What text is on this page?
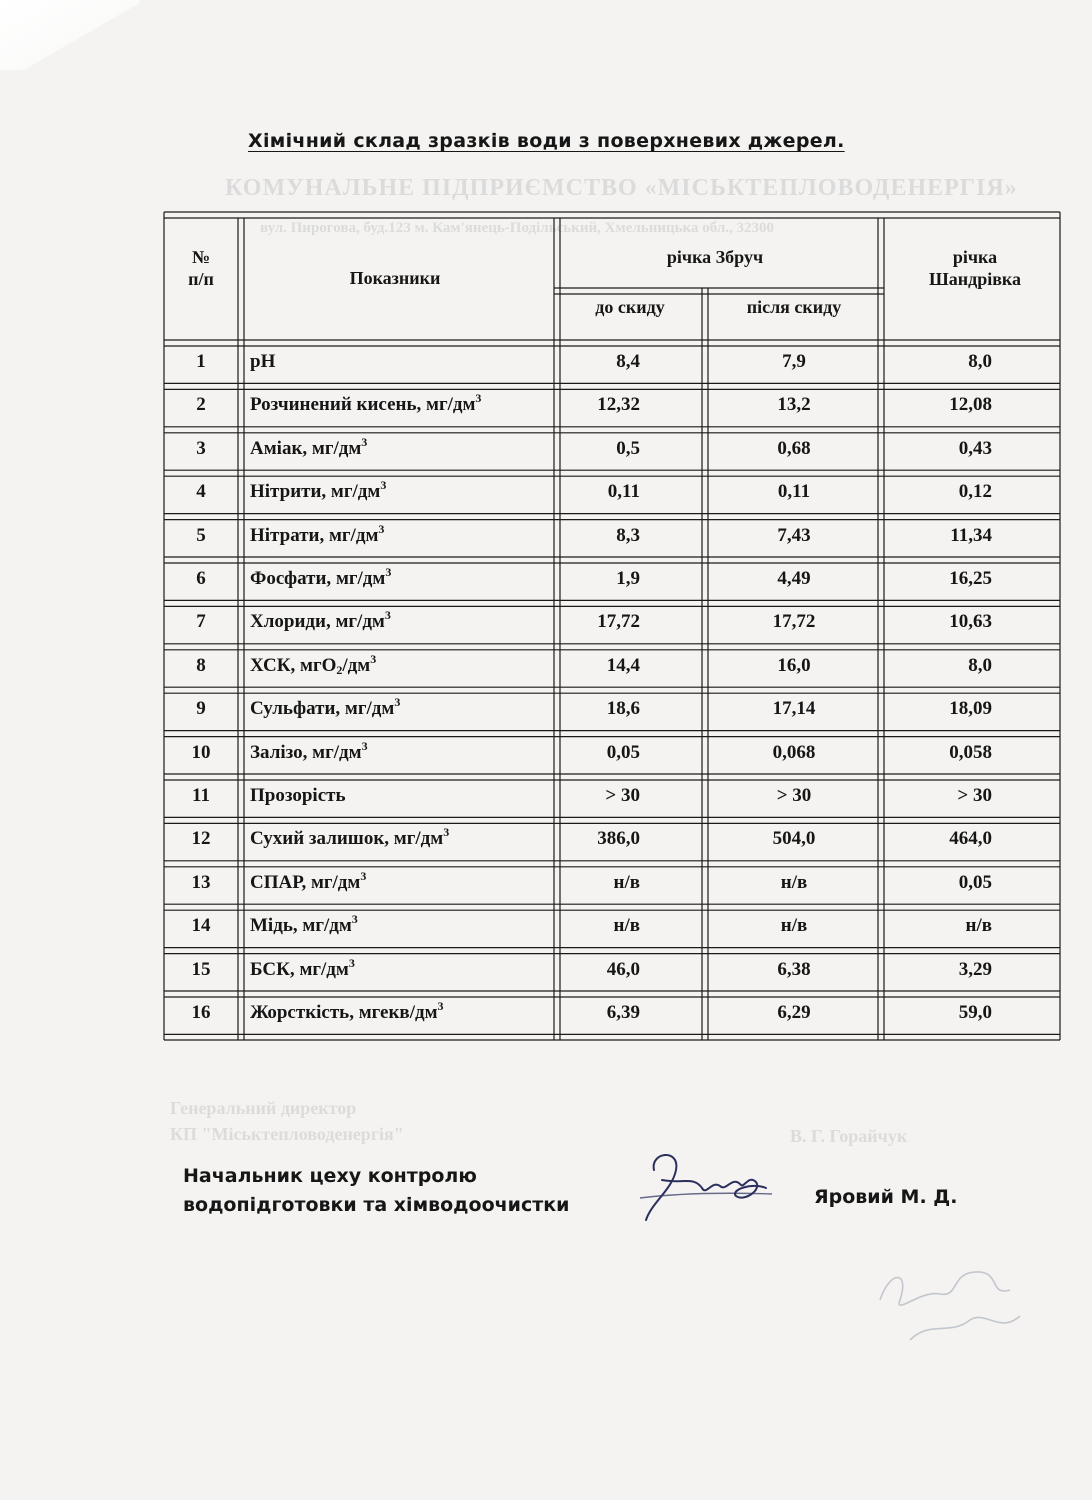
КОМУНАЛЬНЕ ПІДПРИЄМСТВО «МІСЬКТЕПЛОВОДЕНЕРГІЯ»
вул. Пирогова, буд.123 м. Кам'янець-Подільський, Хмельницька обл., 32300
Генеральний директор
КП "Міськтепловоденергія"	В. Г. Горайчук
Хімічний склад зразків води з поверхневих джерел.
№
п/п	Показники
річка Збруч
до скиду	після скиду
річка
Шандрівка
1	pH	8,4	7,9	8,0
2	Розчинений кисень, $мг/дм^3$	12,32	13,2	12,08
3	Аміак, $мг/дм^3$	0,5	0,68	0,43
4	Нітрити, $мг/дм^3$	0,11	0,11	0,12
5	Нітрати, $мг/дм^3$	8,3	7,43	11,34
6	Фосфати, $мг/дм^3$	1,9	4,49	16,25
7	Хлориди, $мг/дм^3$	17,72	17,72	10,63
8	ХСК, $мгО_2/дм^3$	14,4	16,0	8,0
9	Сульфати, $мг/дм^3$	18,6	17,14	18,09
10	Залізо, $мг/дм^3$	0,05	0,068	0,058
11	Прозорість	> 30	> 30	> 30
12	Сухий залишок, $мг/дм^3$	386,0	504,0	464,0
13	СПАР, $мг/дм^3$	н/в	н/в	0,05
14	Мідь, $мг/дм^3$	н/в	н/в	н/в
15	БСК, $мг/дм^3$	46,0	6,38	3,29
16	Жорсткість, мгекв/$дм^3$	6,39	6,29	59,0
Начальник цеху контролю
водопідготовки та хімводоочистки	Яровий М. Д.
